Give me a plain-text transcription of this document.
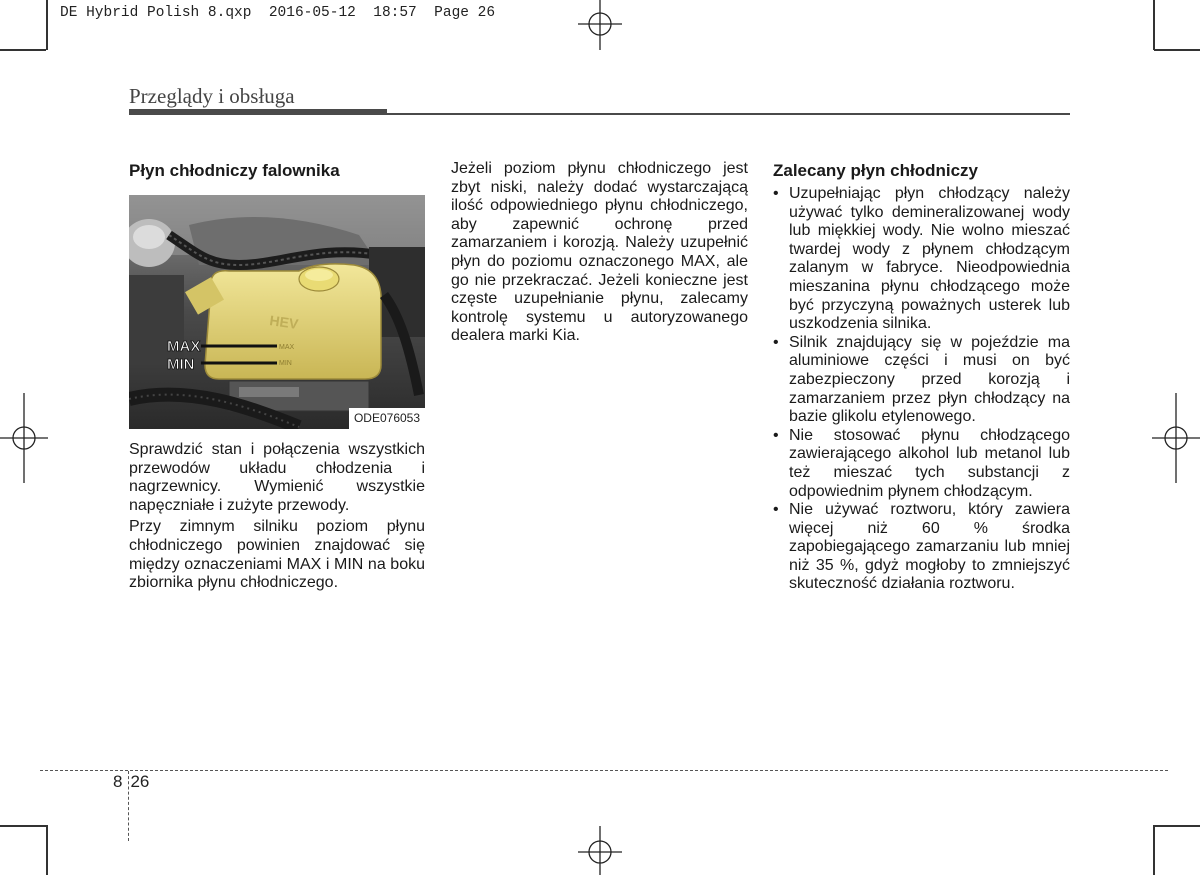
DE Hybrid Polish 8.qxp  2016-05-12  18:57  Page 26
Przeglądy i obsługa
Płyn chłodniczy falownika
HEV
MAX
MIN
MAX
MIN
ODE076053

Sprawdzić stan i połączenia wszystkich przewodów układu chłodzenia i nagrzewnicy. Wymienić wszystkie napęczniałe i zużyte przewody.

Przy zimnym silniku poziom płynu chłodniczego powinien znajdować się między oznaczeniami MAX i MIN na boku zbiornika płynu chłodniczego.

Jeżeli poziom płynu chłodniczego jest zbyt niski, należy dodać wystarczającą ilość odpowiedniego płynu chłodniczego, aby zapewnić ochronę przed zamarzaniem i korozją. Należy uzupełnić płyn do poziomu oznaczonego MAX, ale go nie przekraczać. Jeżeli konieczne jest częste uzupełnianie płynu, zalecamy kontrolę systemu u autoryzowanego dealera marki Kia.

Zalecany płyn chłodniczy
• Uzupełniając płyn chłodzący należy używać tylko demineralizowanej wody lub miękkiej wody. Nie wolno mieszać twardej wody z płynem chłodzącym zalanym w fabryce. Nieodpowiednia mieszanina płynu chłodzącego może być przyczyną poważnych usterek lub uszkodzenia silnika.
• Silnik znajdujący się w pojeździe ma aluminiowe części i musi on być zabezpieczony przed korozją i zamarzaniem przez płyn chłodzący na bazie glikolu etylenowego.
• Nie stosować płynu chłodzącego zawierającego alkohol lub metanol lub też mieszać tych substancji z odpowiednim płynem chłodzącym.
• Nie używać roztworu, który zawiera więcej niż 60 % środka zapobiegającego zamarzaniu lub mniej niż 35 %, gdyż mogłoby to zmniejszyć skuteczność działania roztworu.
8 26
